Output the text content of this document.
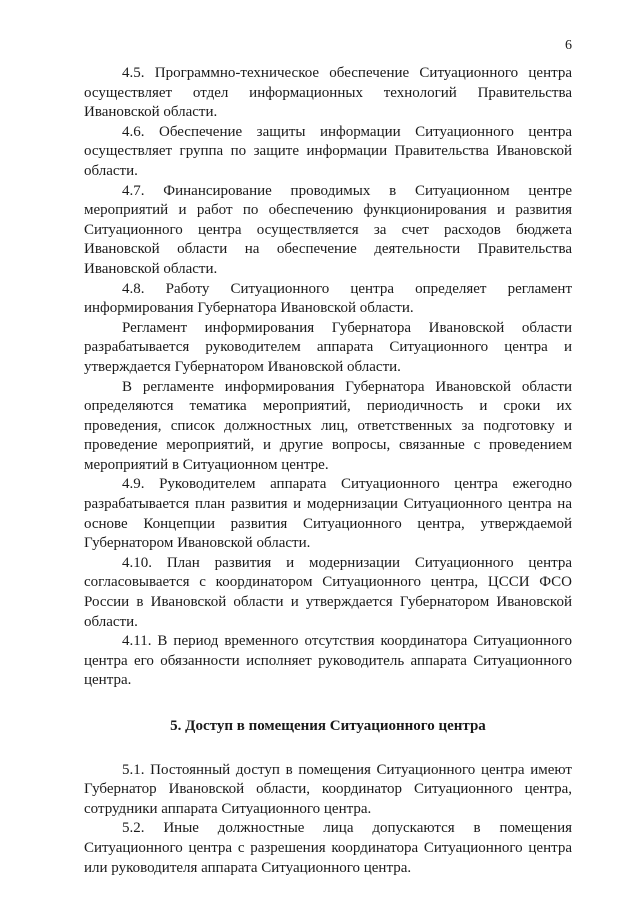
6

4.5. Программно-техническое обеспечение Ситуационного центра осуществляет отдел информационных технологий Правительства Ивановской области.

4.6. Обеспечение защиты информации Ситуационного центра осуществляет группа по защите информации Правительства Ивановской области.

4.7. Финансирование проводимых в Ситуационном центре мероприятий и работ по обеспечению функционирования и развития Ситуационного центра осуществляется за счет расходов бюджета Ивановской области на обеспечение деятельности Правительства Ивановской области.

4.8. Работу Ситуационного центра определяет регламент информирования Губернатора Ивановской области.

Регламент информирования Губернатора Ивановской области разрабатывается руководителем аппарата Ситуационного центра и утверждается Губернатором Ивановской области.

В регламенте информирования Губернатора Ивановской области определяются тематика мероприятий, периодичность и сроки их проведения, список должностных лиц, ответственных за подготовку и проведение мероприятий, и другие вопросы, связанные с проведением мероприятий в Ситуационном центре.

4.9. Руководителем аппарата Ситуационного центра ежегодно разрабатывается план развития и модернизации Ситуационного центра на основе Концепции развития Ситуационного центра, утверждаемой Губернатором Ивановской области.

4.10. План развития и модернизации Ситуационного центра согласовывается с координатором Ситуационного центра, ЦССИ ФСО России в Ивановской области и утверждается Губернатором Ивановской области.

4.11. В период временного отсутствия координатора Ситуационного центра его обязанности исполняет руководитель аппарата Ситуационного центра.

5. Доступ в помещения Ситуационного центра

5.1. Постоянный доступ в помещения Ситуационного центра имеют Губернатор Ивановской области, координатор Ситуационного центра, сотрудники аппарата Ситуационного центра.

5.2. Иные должностные лица допускаются в помещения Ситуационного центра с разрешения координатора Ситуационного центра или руководителя аппарата Ситуационного центра.
